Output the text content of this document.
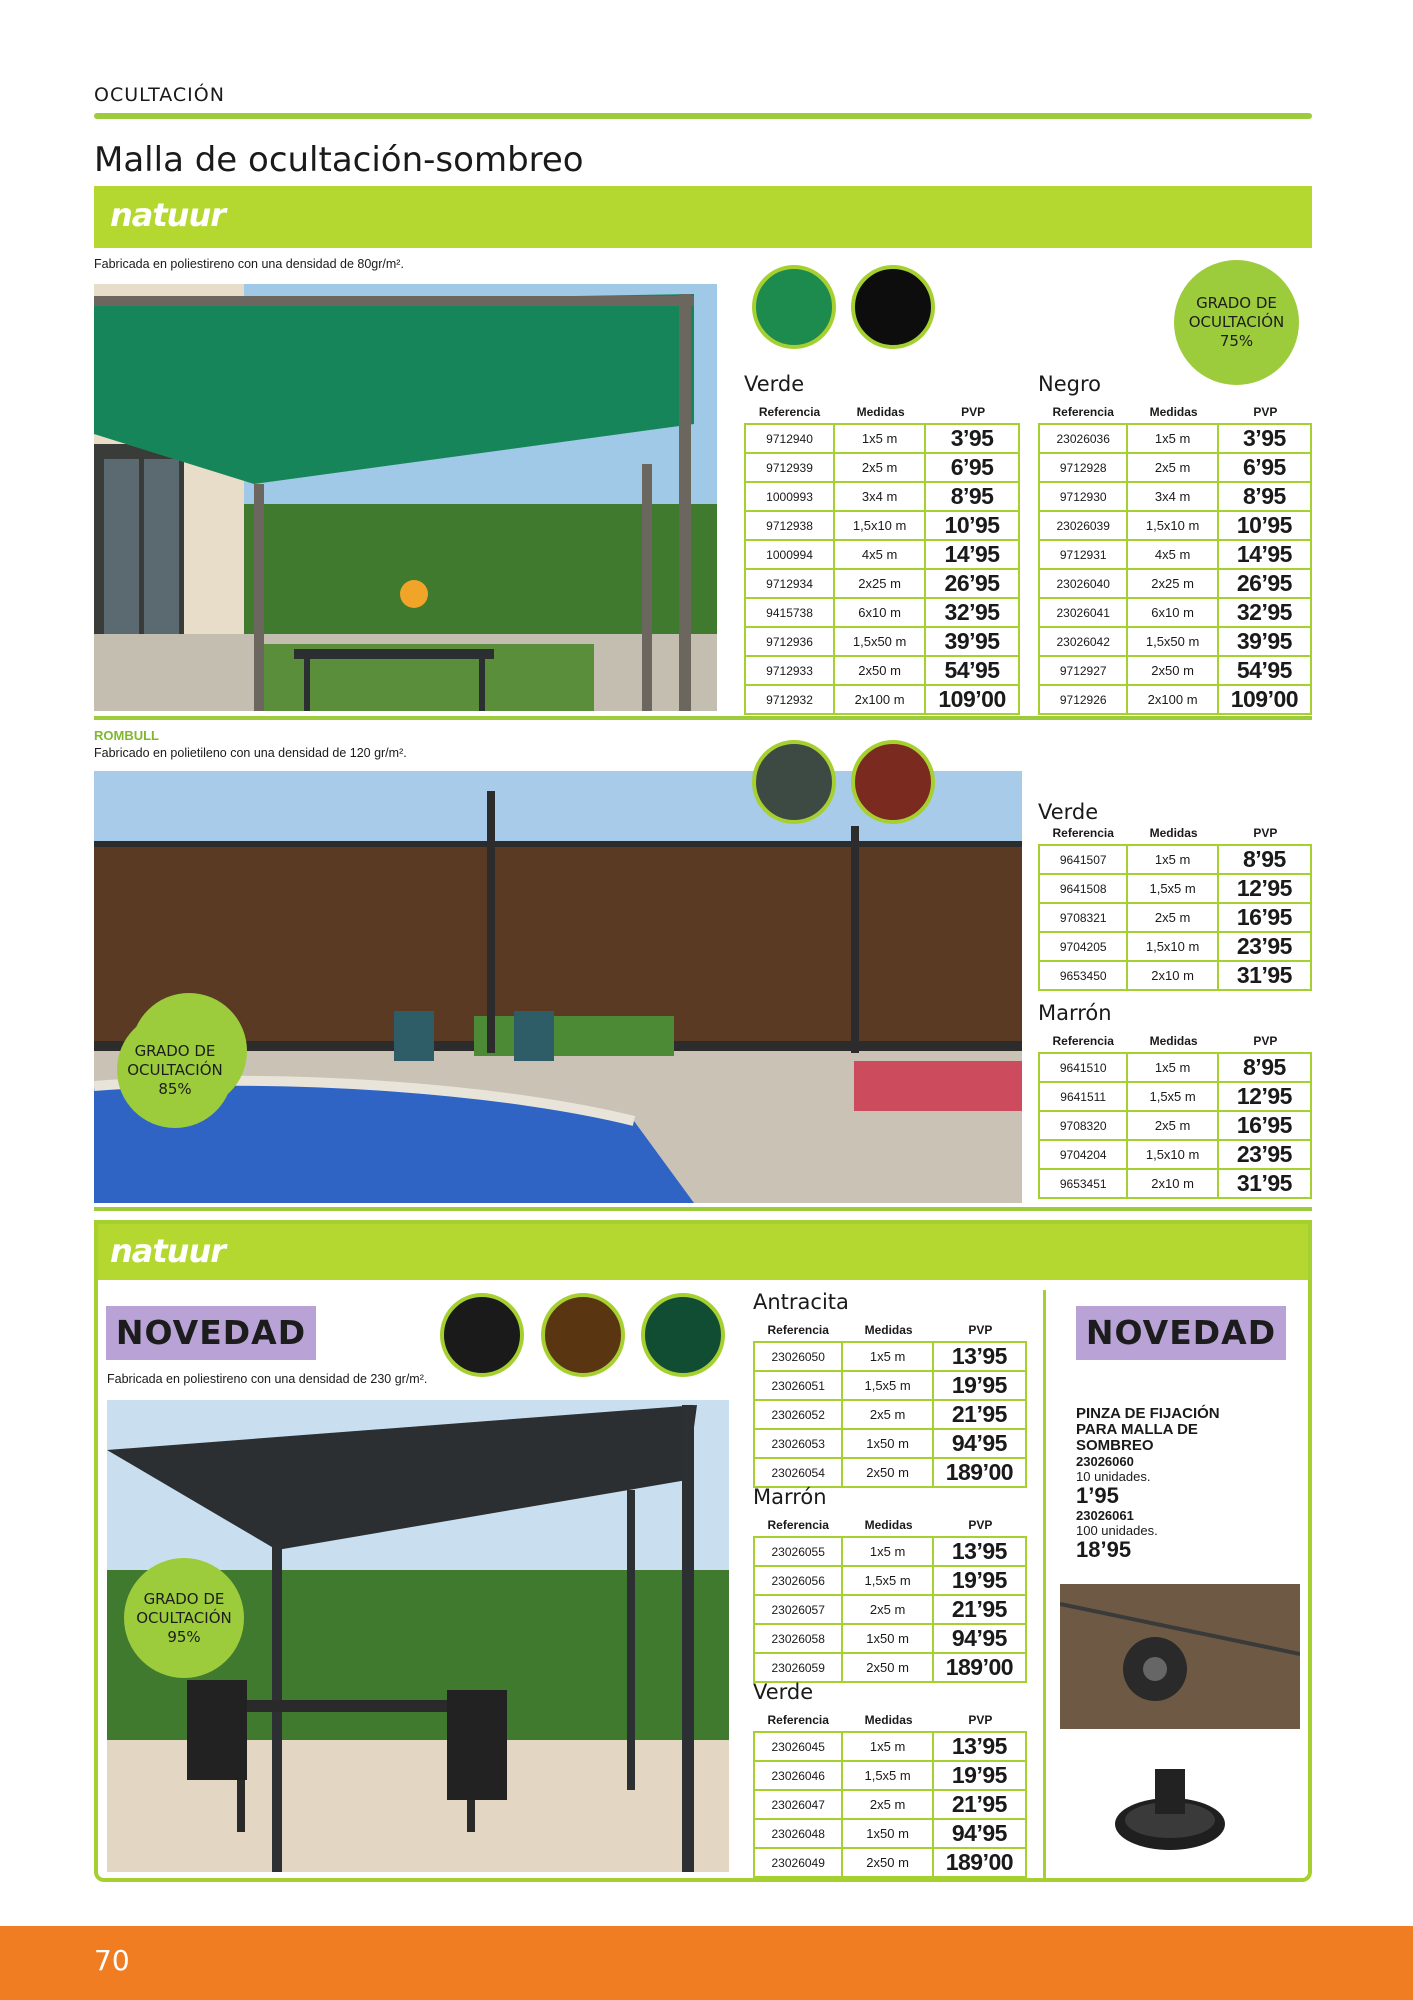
OCULTACIÓN
Malla de ocultación-sombreo
natuur
Fabricada en poliestireno con una densidad de 80gr/m².
GRADO DE
OCULTACIÓN
75%
Verde
Referencia	Medidas	PVP
9712940	1x5 m	3’95
9712939	2x5 m	6’95
1000993	3x4 m	8’95
9712938	1,5x10 m	10’95
1000994	4x5 m	14’95
9712934	2x25 m	26’95
9415738	6x10 m	32’95
9712936	1,5x50 m	39’95
9712933	2x50 m	54’95
9712932	2x100 m	109’00
Negro
Referencia	Medidas	PVP
23026036	1x5 m	3’95
9712928	2x5 m	6’95
9712930	3x4 m	8’95
23026039	1,5x10 m	10’95
9712931	4x5 m	14’95
23026040	2x25 m	26’95
23026041	6x10 m	32’95
23026042	1,5x50 m	39’95
9712927	2x50 m	54’95
9712926	2x100 m	109’00
ROMBULL
Fabricado en polietileno con una densidad de 120 gr/m².
GRADO DE
OCULTACIÓN
85%
Verde
Referencia	Medidas	PVP
9641507	1x5 m	8’95
9641508	1,5x5 m	12’95
9708321	2x5 m	16’95
9704205	1,5x10 m	23’95
9653450	2x10 m	31’95
Marrón
Referencia	Medidas	PVP
9641510	1x5 m	8’95
9641511	1,5x5 m	12’95
9708320	2x5 m	16’95
9704204	1,5x10 m	23’95
9653451	2x10 m	31’95
natuur
NOVEDAD
Fabricada en poliestireno con una densidad de 230 gr/m².
GRADO DE
OCULTACIÓN
95%
Antracita
Referencia	Medidas	PVP
23026050	1x5 m	13’95
23026051	1,5x5 m	19’95
23026052	2x5 m	21’95
23026053	1x50 m	94’95
23026054	2x50 m	189’00
Marrón
Referencia	Medidas	PVP
23026055	1x5 m	13’95
23026056	1,5x5 m	19’95
23026057	2x5 m	21’95
23026058	1x50 m	94’95
23026059	2x50 m	189’00
Verde
Referencia	Medidas	PVP
23026045	1x5 m	13’95
23026046	1,5x5 m	19’95
23026047	2x5 m	21’95
23026048	1x50 m	94’95
23026049	2x50 m	189’00
NOVEDAD
PINZA DE FIJACIÓN
PARA MALLA DE
SOMBREO
23026060
10 unidades.
1’95
23026061
100 unidades.
18’95
70
